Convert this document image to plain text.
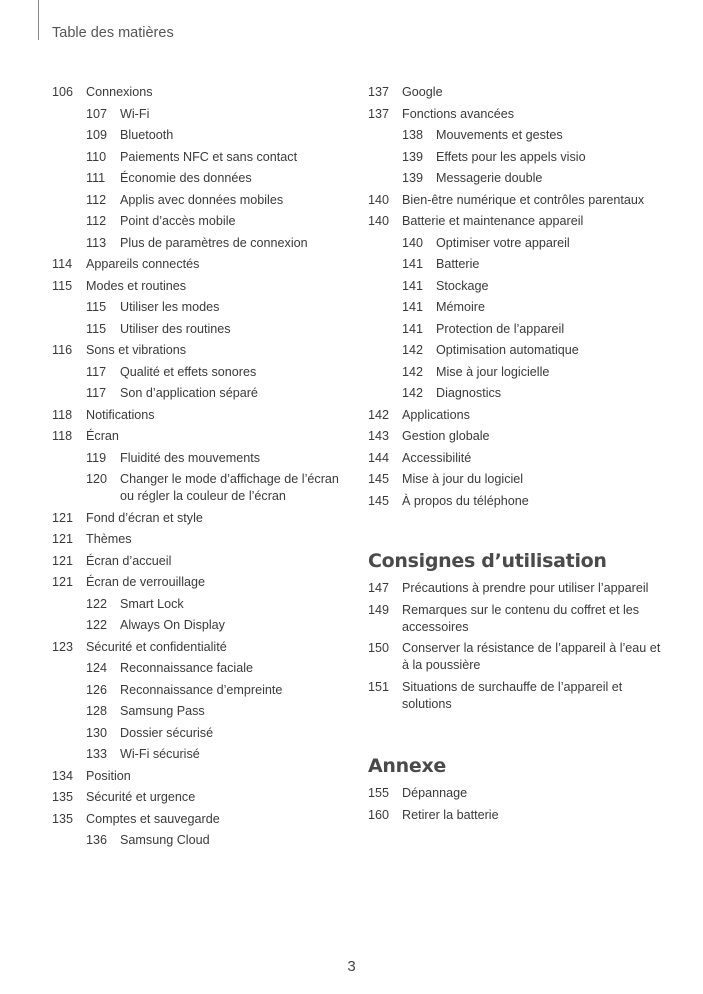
Table des matières
106	Connexions
107	Wi-Fi
109	Bluetooth
110	Paiements NFC et sans contact
111	Économie des données
112	Applis avec données mobiles
112	Point d’accès mobile
113	Plus de paramètres de connexion
114	Appareils connectés
115	Modes et routines
115	Utiliser les modes
115	Utiliser des routines
116	Sons et vibrations
117	Qualité et effets sonores
117	Son d’application séparé
118	Notifications
118	Écran
119	Fluidité des mouvements
120	Changer le mode d’affichage de l’écran ou régler la couleur de l’écran
121	Fond d’écran et style
121	Thèmes
121	Écran d’accueil
121	Écran de verrouillage
122	Smart Lock
122	Always On Display
123	Sécurité et confidentialité
124	Reconnaissance faciale
126	Reconnaissance d’empreinte
128	Samsung Pass
130	Dossier sécurisé
133	Wi-Fi sécurisé
134	Position
135	Sécurité et urgence
135	Comptes et sauvegarde
136	Samsung Cloud
137	Google
137	Fonctions avancées
138	Mouvements et gestes
139	Effets pour les appels visio
139	Messagerie double
140	Bien-être numérique et contrôles parentaux
140	Batterie et maintenance appareil
140	Optimiser votre appareil
141	Batterie
141	Stockage
141	Mémoire
141	Protection de l’appareil
142	Optimisation automatique
142	Mise à jour logicielle
142	Diagnostics
142	Applications
143	Gestion globale
144	Accessibilité
145	Mise à jour du logiciel
145	À propos du téléphone
Consignes d’utilisation
147	Précautions à prendre pour utiliser l’appareil
149	Remarques sur le contenu du coffret et les accessoires
150	Conserver la résistance de l’appareil à l’eau et à la poussière
151	Situations de surchauffe de l’appareil et solutions
Annexe
155	Dépannage
160	Retirer la batterie
3
